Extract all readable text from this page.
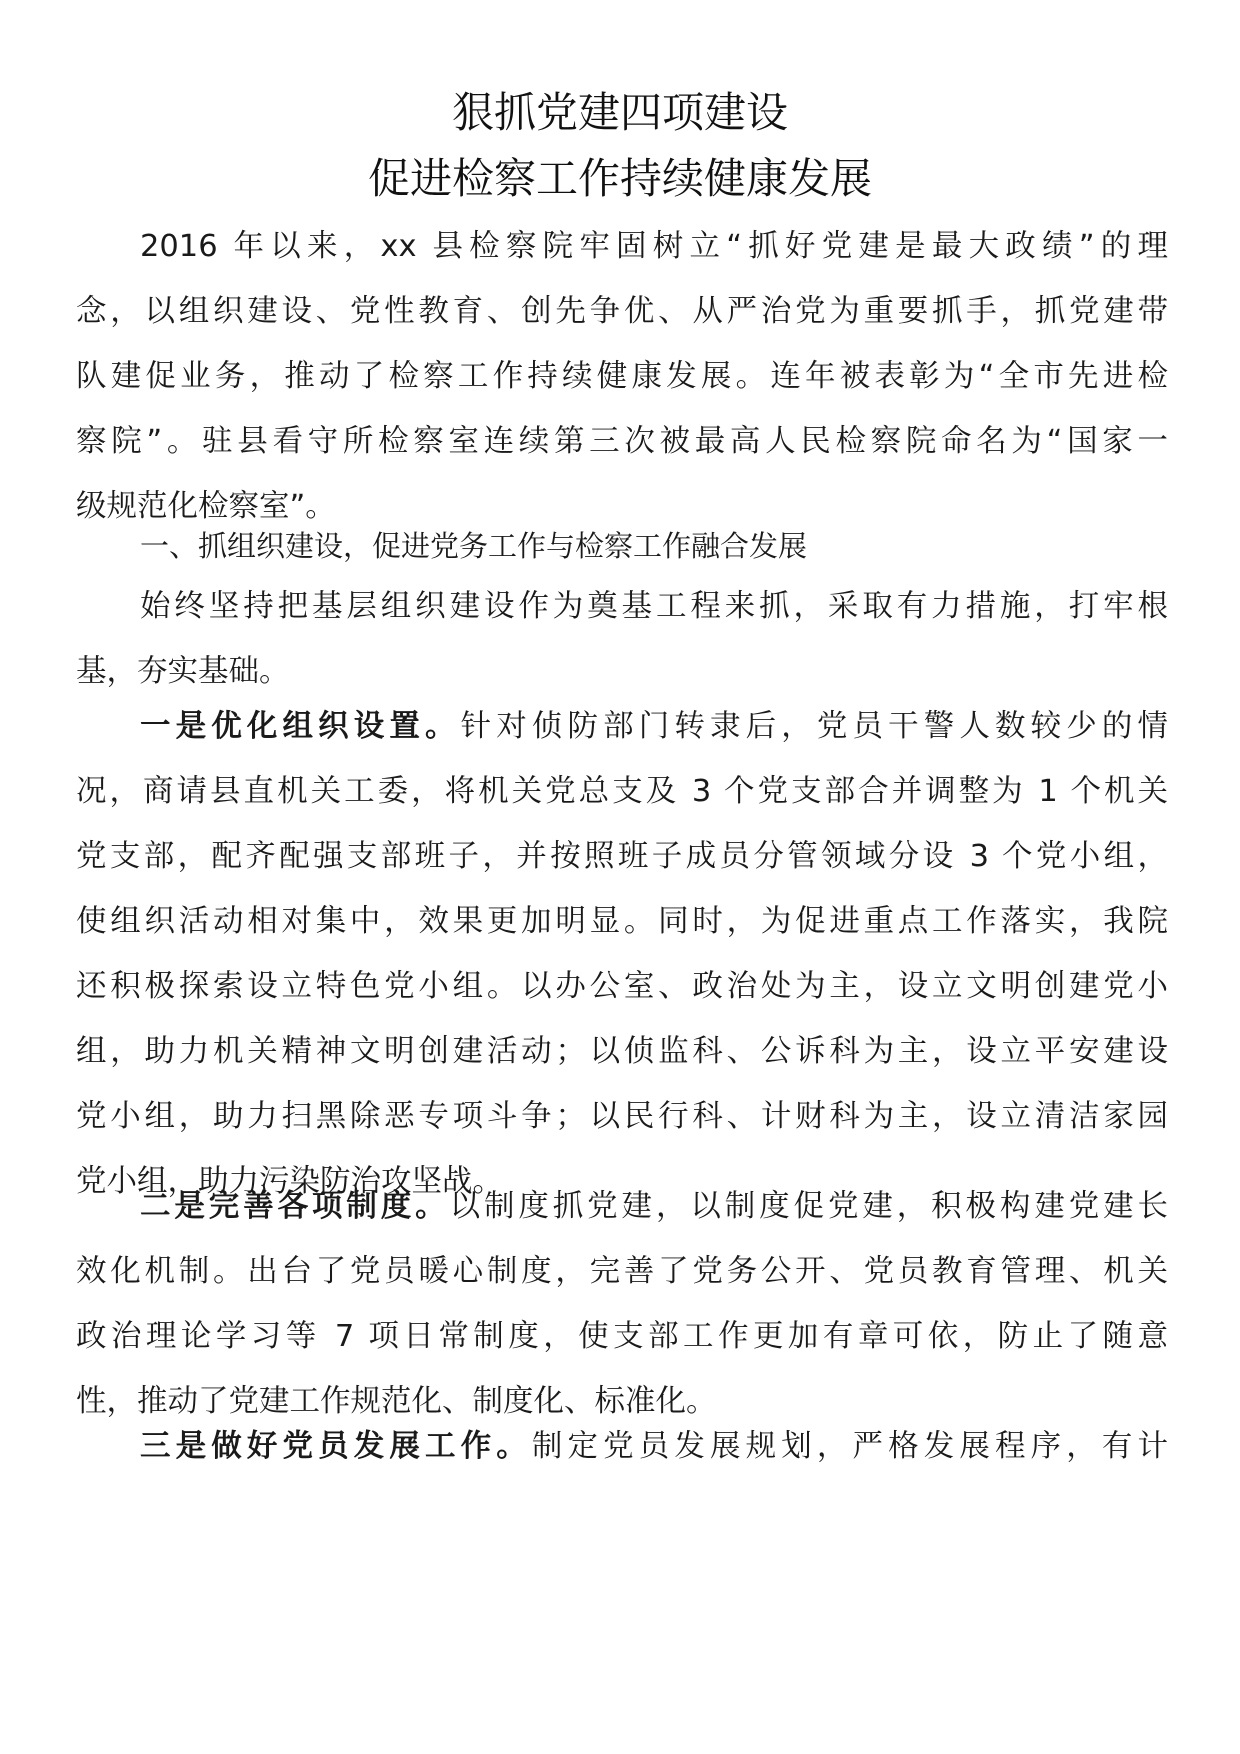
狠抓党建四项建设
促进检察工作持续健康发展
2016 年以来，xx 县检察院牢固树立“抓好党建是最大政绩”的理
念，以组织建设、党性教育、创先争优、从严治党为重要抓手，抓党建带
队建促业务，推动了检察工作持续健康发展。连年被表彰为“全市先进检
察院”。驻县看守所检察室连续第三次被最高人民检察院命名为“国家一
级规范化检察室”。
一、抓组织建设，促进党务工作与检察工作融合发展
始终坚持把基层组织建设作为奠基工程来抓，采取有力措施，打牢根
基，夯实基础。
一是优化组织设置。针对侦防部门转隶后，党员干警人数较少的情
况，商请县直机关工委，将机关党总支及 3 个党支部合并调整为 1 个机关
党支部，配齐配强支部班子，并按照班子成员分管领域分设 3 个党小组，
使组织活动相对集中，效果更加明显。同时，为促进重点工作落实，我院
还积极探索设立特色党小组。以办公室、政治处为主，设立文明创建党小
组，助力机关精神文明创建活动；以侦监科、公诉科为主，设立平安建设
党小组，助力扫黑除恶专项斗争；以民行科、计财科为主，设立清洁家园
党小组，助力污染防治攻坚战。
二是完善各项制度。以制度抓党建，以制度促党建，积极构建党建长
效化机制。出台了党员暖心制度，完善了党务公开、党员教育管理、机关
政治理论学习等 7 项日常制度，使支部工作更加有章可依，防止了随意
性，推动了党建工作规范化、制度化、标准化。
三是做好党员发展工作。制定党员发展规划，严格发展程序，有计
